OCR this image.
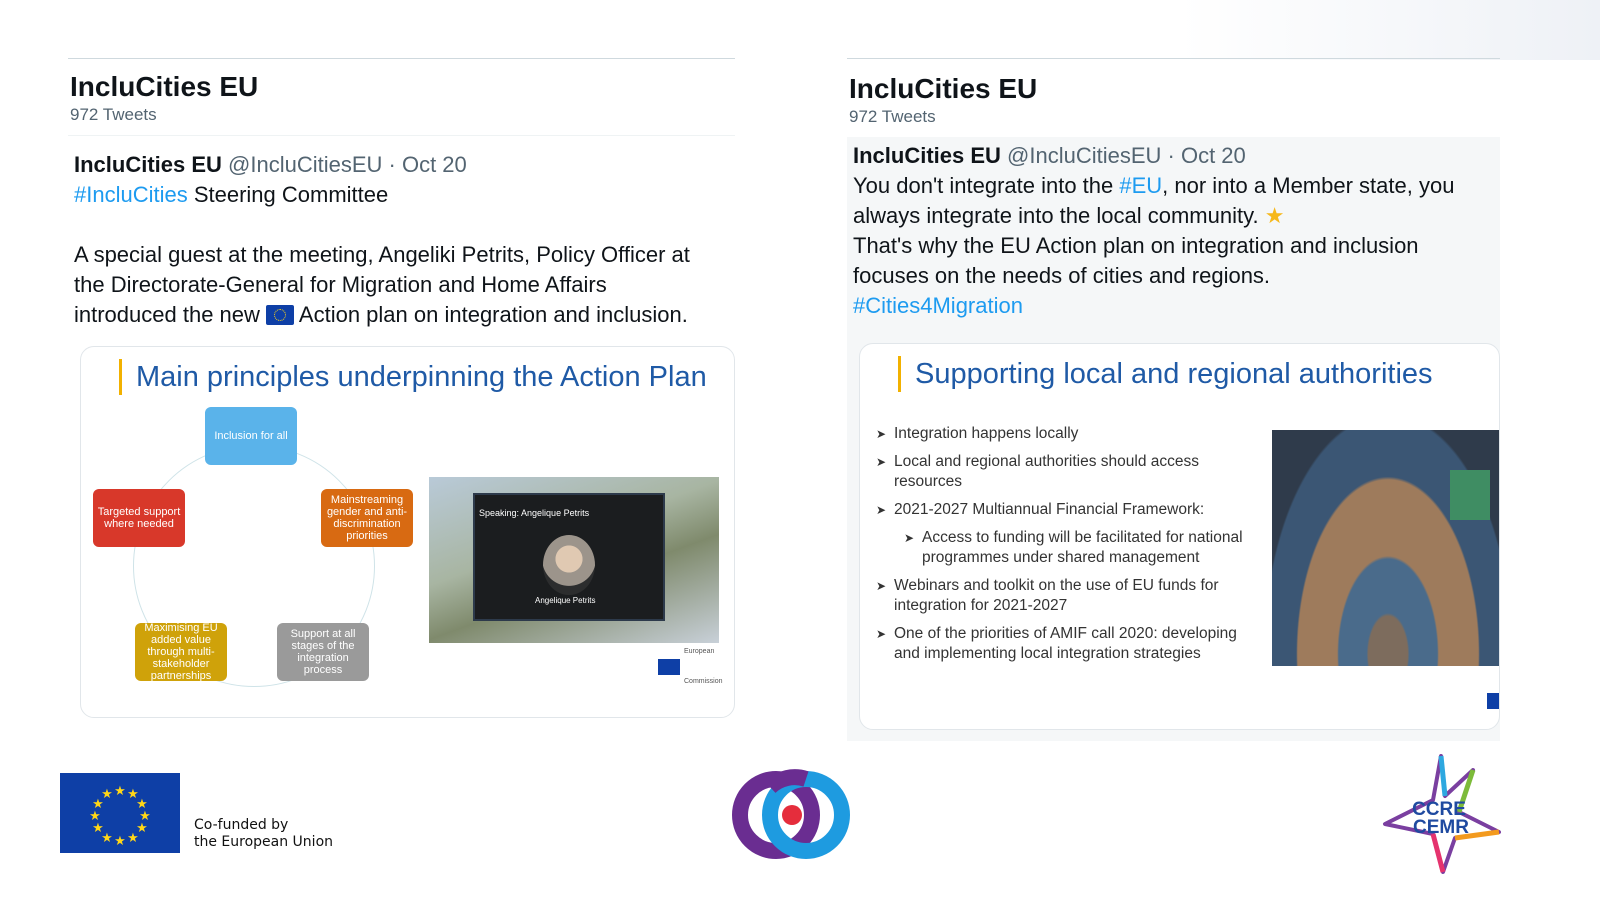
IncluCities EU
972 Tweets
IncluCities EU @IncluCitiesEU · Oct 20
#IncluCities Steering Committee
A special guest at the meeting, Angeliki Petrits, Policy Officer at
the Directorate-General for Migration and Home Affairs
introduced the new  Action plan on integration and inclusion.
Main principles underpinning the Action Plan
Inclusion for all
Targeted support where needed
Mainstreaming gender and anti-discrimination priorities
Support at all stages of the integration process
Maximising EU added value through multi-stakeholder partnerships
Speaking: Angelique Petrits
Angelique Petrits
European Commission
IncluCities EU
972 Tweets
IncluCities EU @IncluCitiesEU · Oct 20
You don't integrate into the #EU, nor into a Member state, you
always integrate into the local community. ★
That's why the EU Action plan on integration and inclusion
focuses on the needs of cities and regions.
#Cities4Migration
Supporting local and regional authorities
➤ Integration happens locally
➤ Local and regional authorities should access resources
➤ 2021-2027 Multiannual Financial Framework:
➤ Access to funding will be facilitated for national programmes under shared management
➤ Webinars and toolkit on the use of EU funds for integration for 2021-2027
➤ One of the priorities of AMIF call 2020: developing and implementing local integration strategies
★ ★
★
★
★
★
★
★
★
★
★
★
Co-funded by
the European Union
CCRE
CEMR
